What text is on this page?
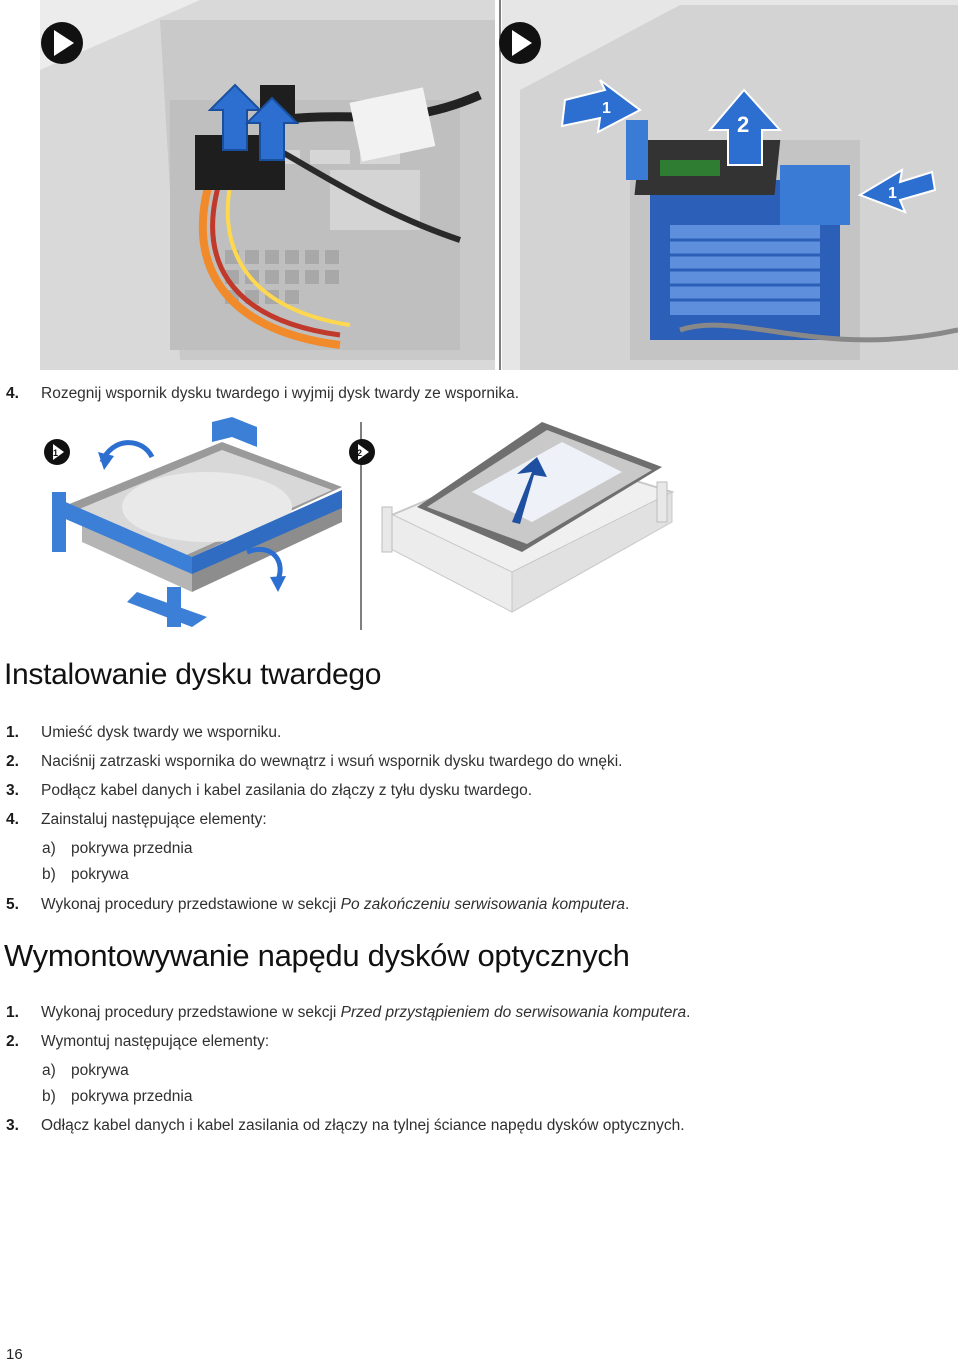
1
2
1
4. Rozegnij wspornik dysku twardego i wyjmij dysk twardy ze wspornika.
1	2
Instalowanie dysku twardego
1. Umieść dysk twardy we wsporniku.
2. Naciśnij zatrzaski wspornika do wewnątrz i wsuń wspornik dysku twardego do wnęki.
3. Podłącz kabel danych i kabel zasilania do złączy z tyłu dysku twardego.
4. Zainstaluj następujące elementy:
a) pokrywa przednia
b) pokrywa
5. Wykonaj procedury przedstawione w sekcji Po zakończeniu serwisowania komputera.
Wymontowywanie napędu dysków optycznych
1. Wykonaj procedury przedstawione w sekcji Przed przystąpieniem do serwisowania komputera.
2. Wymontuj następujące elementy:
a) pokrywa
b) pokrywa przednia
3. Odłącz kabel danych i kabel zasilania od złączy na tylnej ściance napędu dysków optycznych.
16
